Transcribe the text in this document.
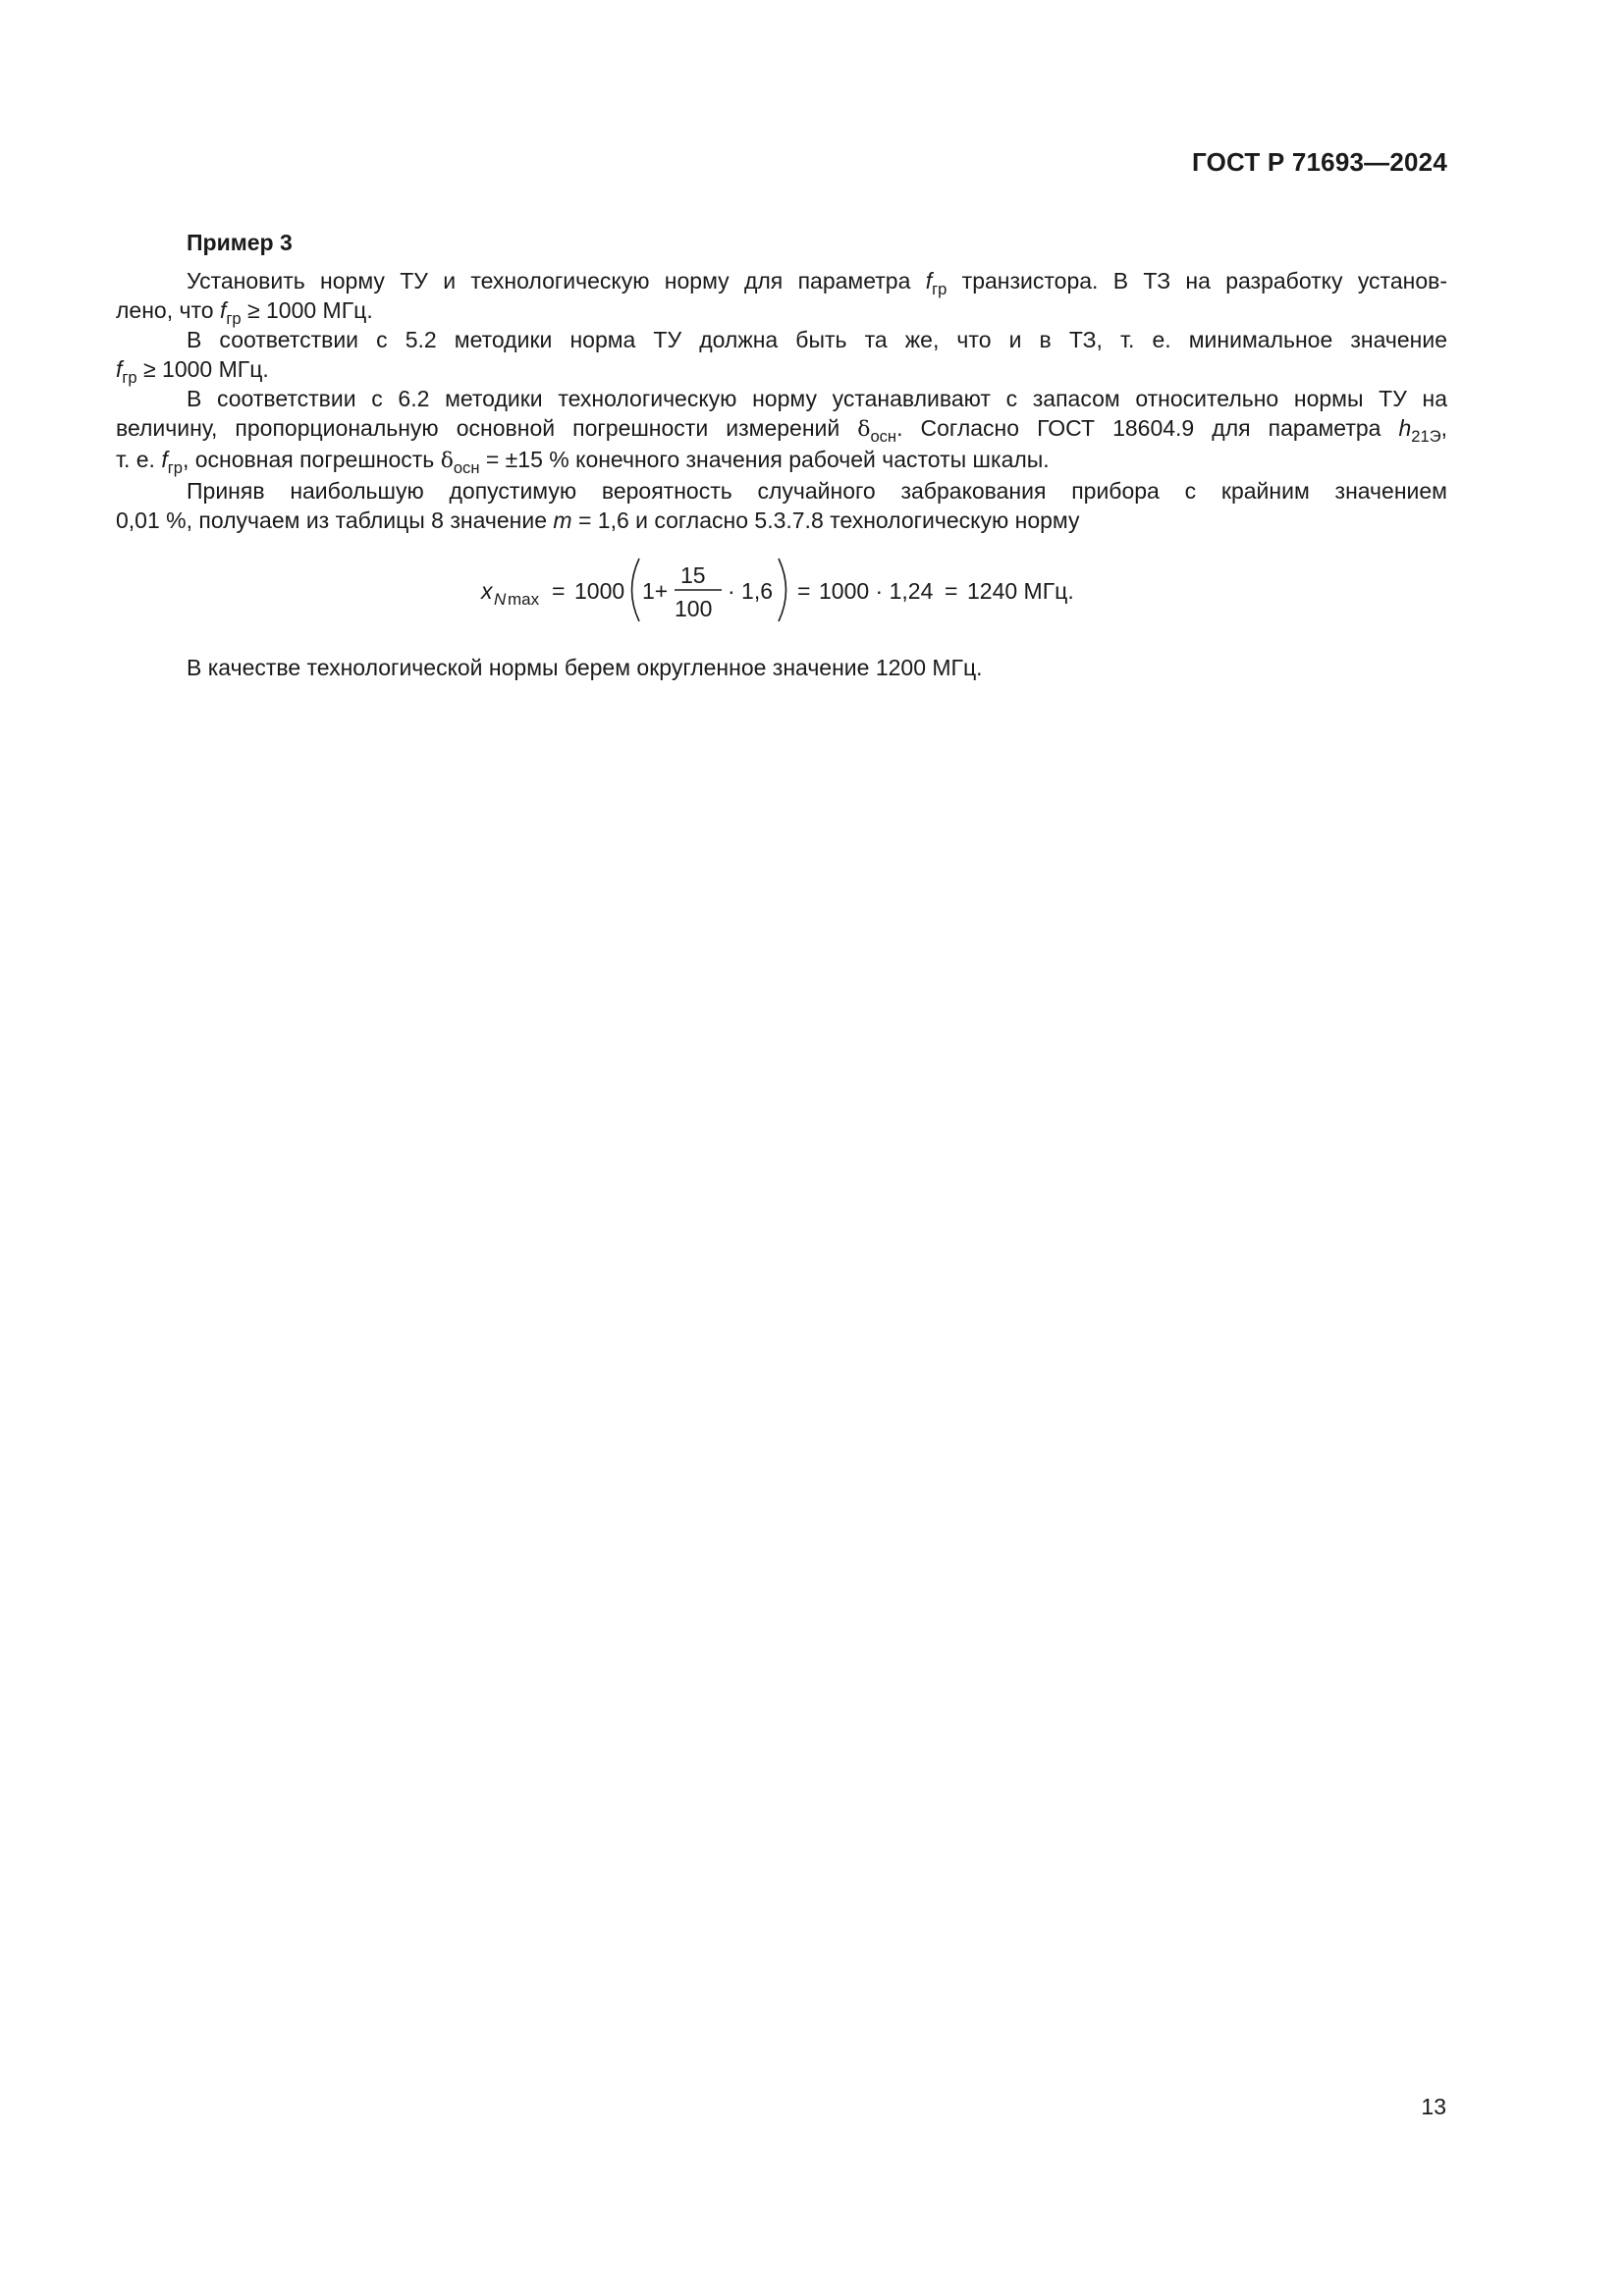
ГОСТ Р 71693—2024
Пример 3

Установить норму ТУ и технологическую норму для параметра $f_{гр}$ транзистора. В ТЗ на разработку установ-
лено, что $f_{гр} \ge 1000$ МГц.

В соответствии с 5.2 методики норма ТУ должна быть та же, что и в ТЗ, т. е. минимальное значение
$f_{гр} \ge 1000$ МГц.

В соответствии с 6.2 методики технологическую норму устанавливают с запасом относительно нормы ТУ на
величину, пропорциональную основной погрешности измерений $\delta_{осн}$. Согласно ГОСТ 18604.9 для параметра $h_{21Э}$,
т. е. $f_{гр}$, основная погрешность $\delta_{осн} = \pm 15$ % конечного значения рабочей частоты шкалы.

Приняв наибольшую допустимую вероятность случайного забракования прибора с крайним значением
0,01 %, получаем из таблицы 8 значение m = 1,6 и согласно 5.3.7.8 технологическую норму

x N max = 1000 1+
15
100
· 1,6 = 1000 · 1,24 = 1240 МГц.

В качестве технологической нормы берем округленное значение 1200 МГц.

13
